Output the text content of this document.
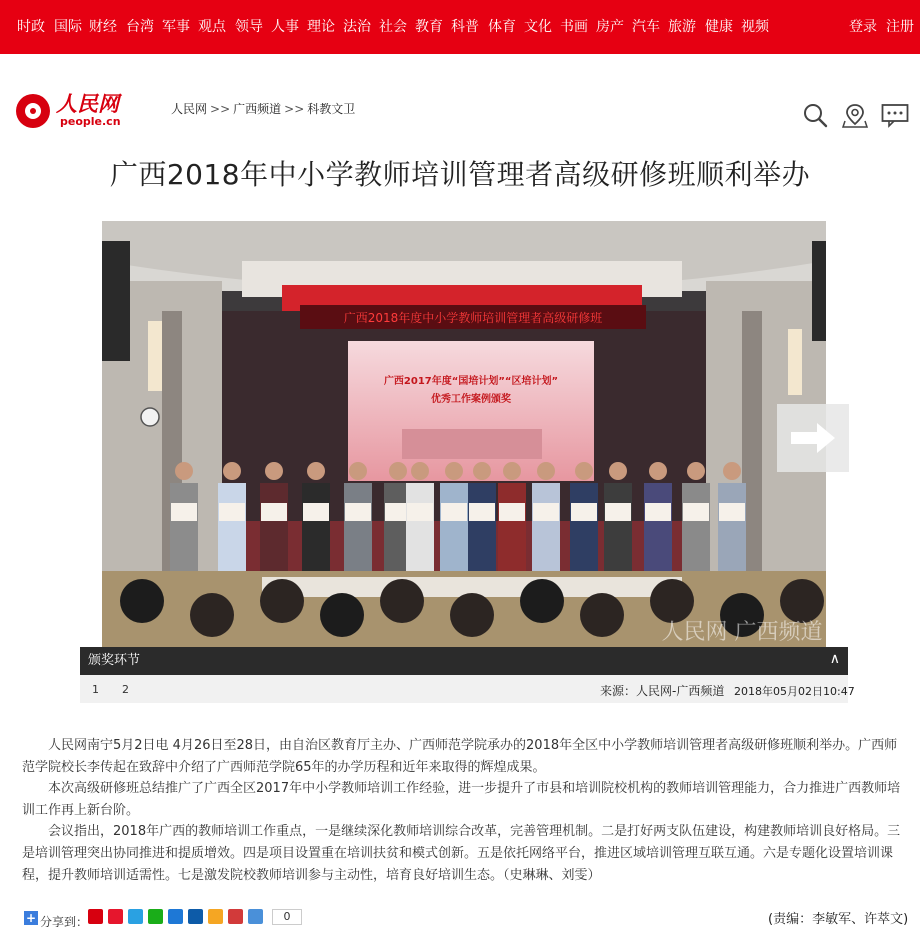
时政 国际 财经 台湾 军事 观点 领导 人事 理论 法治 社会 教育 科普 体育 文化 书画 房产 汽车 旅游 健康 视频	登录 注册
人民网
people.cn
人民网 >> 广西频道 >> 科教文卫
广西2018年中小学教师培训管理者高级研修班顺利举办
广西2018年度中小学教师培训管理者高级研修班
广西2017年度“国培计划”“区培计划”
优秀工作案例颁奖
人民网 广西频道
颁奖环节	∧
1 2	来源：人民网-广西频道 2018年05月02日10:47

人民网南宁5月2日电 4月26日至28日，由自治区教育厅主办、广西师范学院承办的2018年全区中小学教师培训管理者高级研修班顺利举办。广西师范学院校长李传起在致辞中介绍了广西师范学院65年的办学历程和近年来取得的辉煌成果。

本次高级研修班总结推广了广西全区2017年中小学教师培训工作经验，进一步提升了市县和培训院校机构的教师培训管理能力，合力推进广西教师培训工作再上新台阶。

会议指出，2018年广西的教师培训工作重点，一是继续深化教师培训综合改革，完善管理机制。二是打好两支队伍建设，构建教师培训良好格局。三是培训管理突出协同推进和提质增效。四是项目设置重在培训扶贫和模式创新。五是依托网络平台，推进区域培训管理互联互通。六是专题化设置培训课程，提升教师培训适需性。七是激发院校教师培训参与主动性，培育良好培训生态。（史琳琳、刘雯）

+ 分享到：	0	(责编：李敏军、许萃文)
